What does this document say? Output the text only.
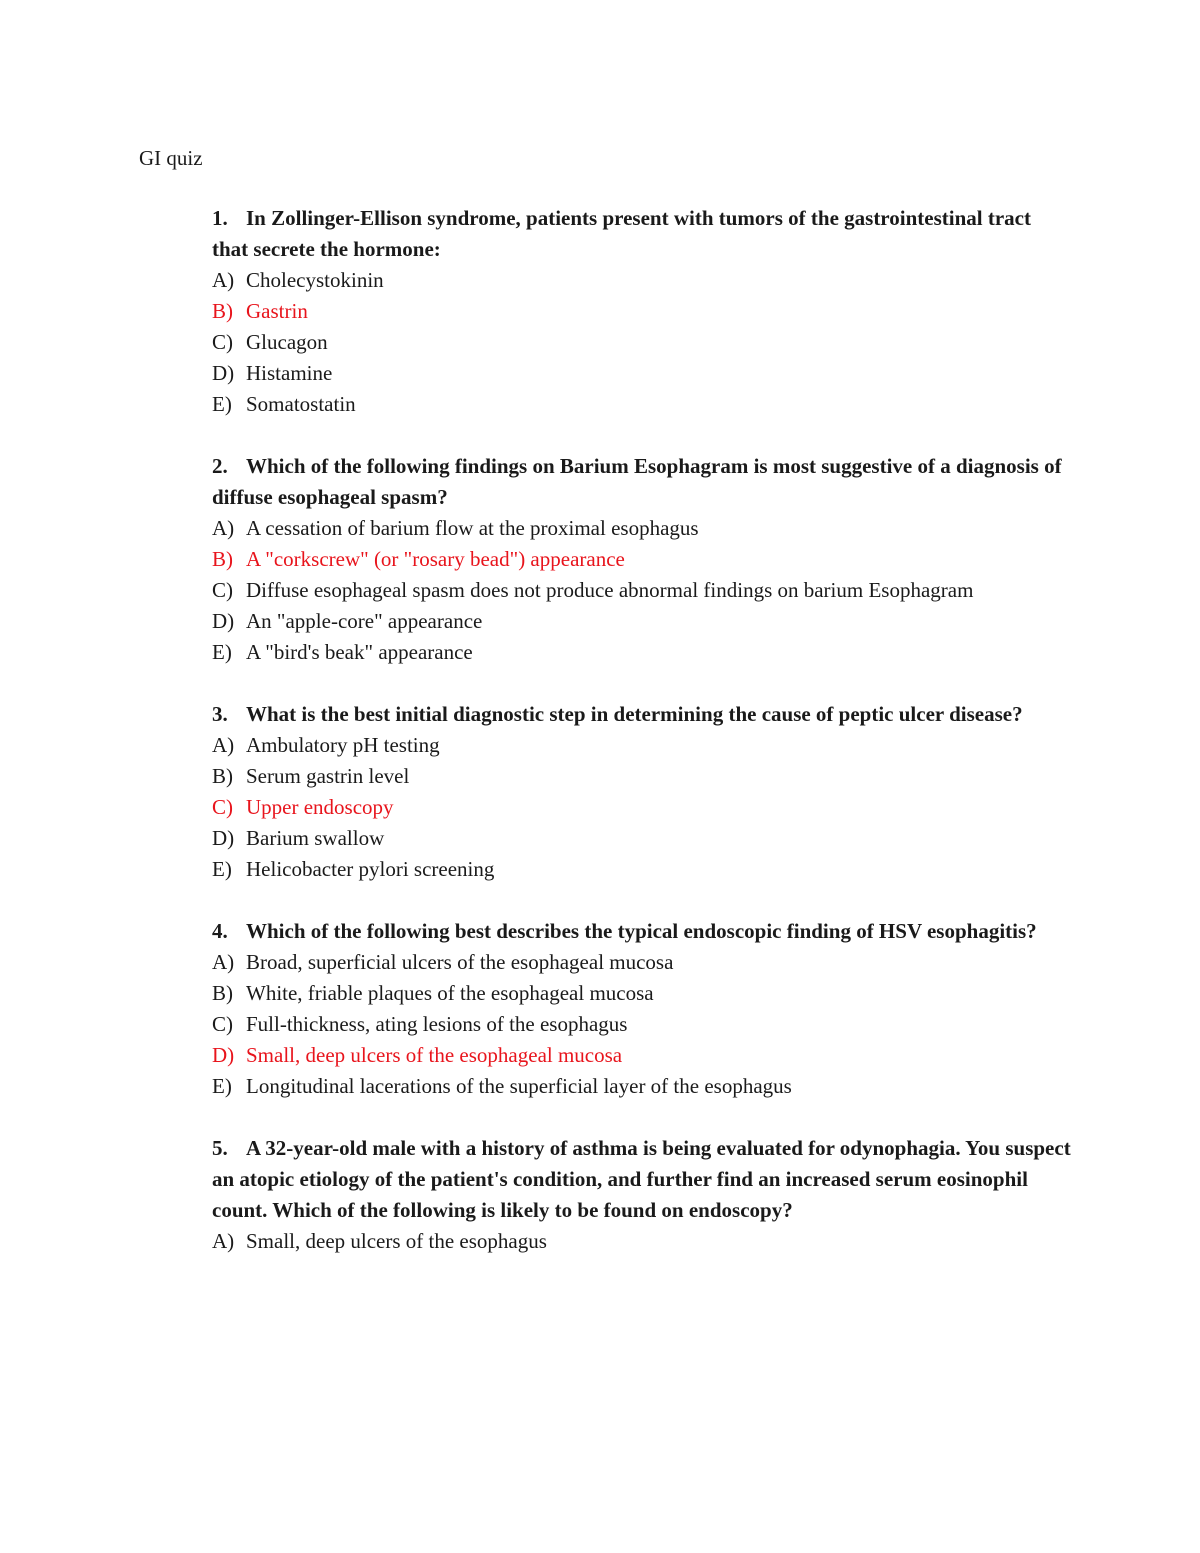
GI quiz

1. In Zollinger-Ellison syndrome, patients present with tumors of the gastrointestinal tract that secrete the hormone:

A) Cholecystokinin
B) Gastrin
C) Glucagon
D) Histamine
E) Somatostatin

2. Which of the following findings on Barium Esophagram is most suggestive of a diagnosis of diffuse esophageal spasm?

A) A cessation of barium flow at the proximal esophagus
B) A "corkscrew" (or "rosary bead") appearance
C) Diffuse esophageal spasm does not produce abnormal findings on barium Esophagram
D) An "apple-core" appearance
E) A "bird's beak" appearance

3. What is the best initial diagnostic step in determining the cause of peptic ulcer disease?

A) Ambulatory pH testing
B) Serum gastrin level
C) Upper endoscopy
D) Barium swallow
E) Helicobacter pylori screening

4. Which of the following best describes the typical endoscopic finding of HSV esophagitis?

A) Broad, superficial ulcers of the esophageal mucosa
B) White, friable plaques of the esophageal mucosa
C) Full-thickness, ating lesions of the esophagus
D) Small, deep ulcers of the esophageal mucosa
E) Longitudinal lacerations of the superficial layer of the esophagus

5. A 32-year-old male with a history of asthma is being evaluated for odynophagia. You suspect an atopic etiology of the patient's condition, and further find an increased serum eosinophil count. Which of the following is likely to be found on endoscopy?

A) Small, deep ulcers of the esophagus
